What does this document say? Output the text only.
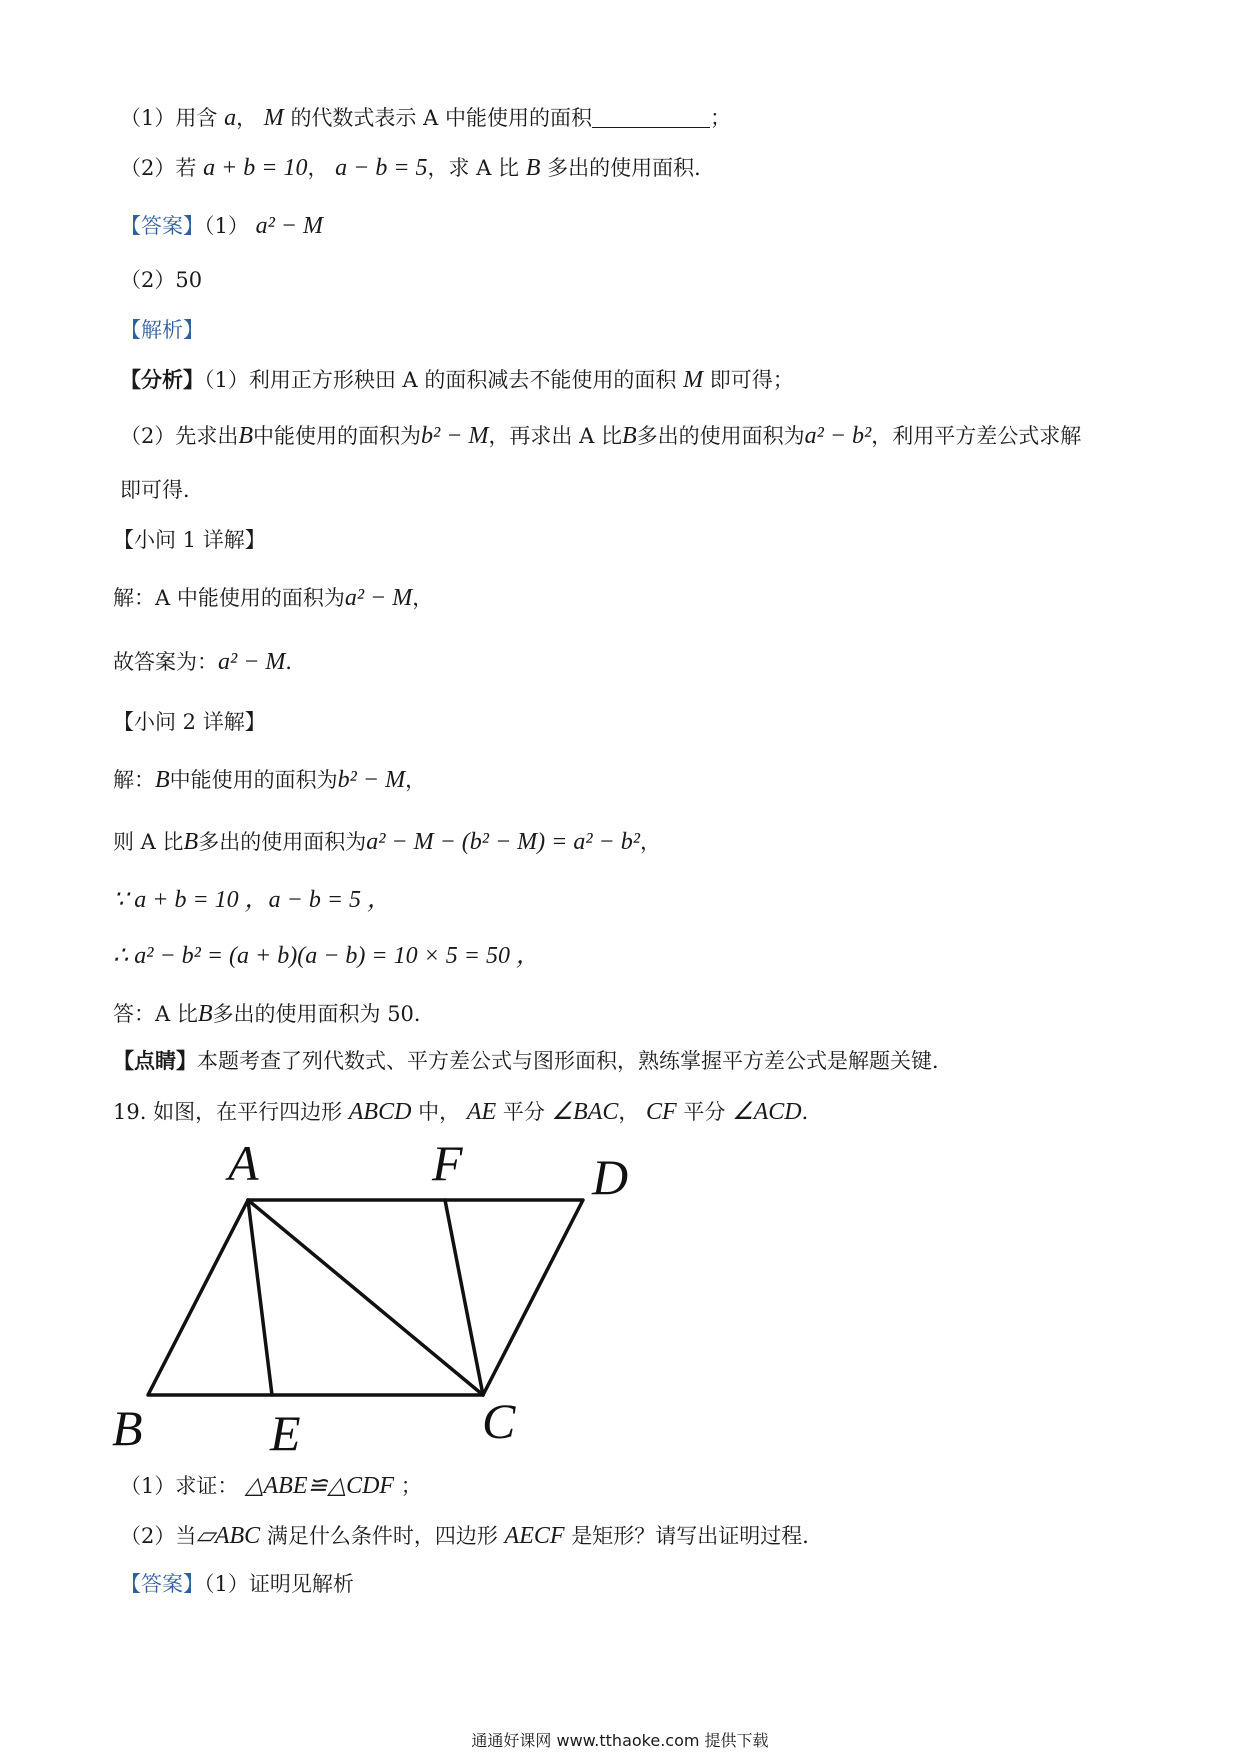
（1）用含 a， M 的代数式表示 A 中能使用的面积	；
（2）若 a + b = 10， a − b = 5，求 A 比 B 多出的使用面积．
【答案】（1） a² − M
（2）50
【解析】
【分析】（1）利用正方形秧田 A 的面积减去不能使用的面积 M 即可得；
（2）先求出B中能使用的面积为b² − M，再求出 A 比B多出的使用面积为a² − b²，利用平方差公式求解
即可得．
【小问 1 详解】
解：A 中能使用的面积为a² − M，
故答案为：a² − M．
【小问 2 详解】
解：B中能使用的面积为b² − M，
则 A 比B多出的使用面积为a² − M − (b² − M) = a² − b²，
∵ a + b = 10 ，a − b = 5 ，
∴ a² − b² = (a + b)(a − b) = 10 × 5 = 50 ，
答：A 比B多出的使用面积为 50．
【点睛】本题考查了列代数式、平方差公式与图形面积，熟练掌握平方差公式是解题关键．
19. 如图，在平行四边形 ABCD 中， AE 平分 ∠BAC， CF 平分 ∠ACD．
A	F	D
B	E	C
（1）求证： △ABE≌△CDF ；
（2）当▱ABC 满足什么条件时，四边形 AECF 是矩形？请写出证明过程．
【答案】（1）证明见解析
通通好课网 www.tthaoke.com 提供下载
